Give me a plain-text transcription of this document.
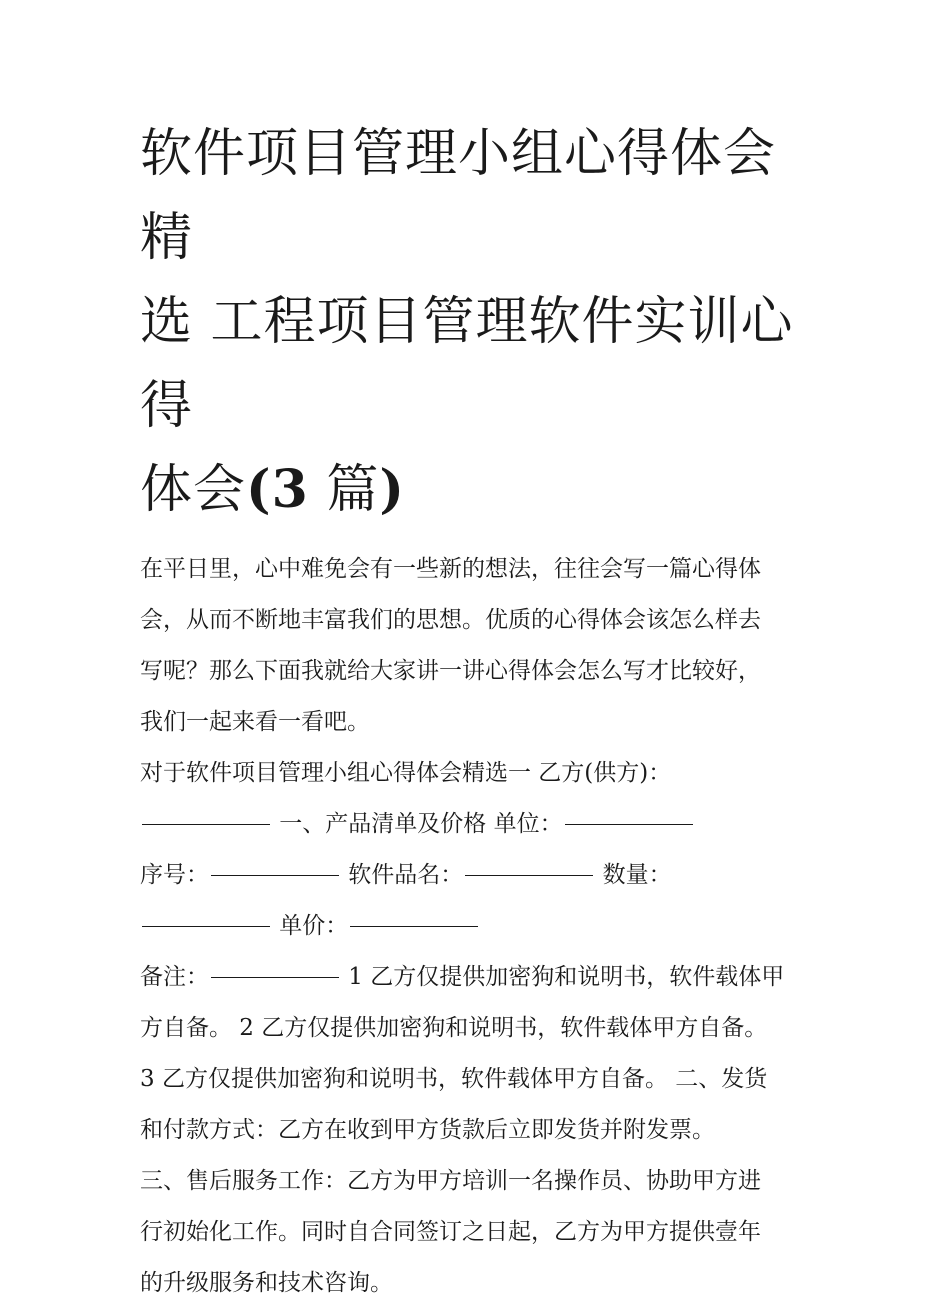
软件项目管理小组心得体会精
选 工程项目管理软件实训心得
体会(3 篇)

在平日里，心中难免会有一些新的想法，往往会写一篇心得体
会，从而不断地丰富我们的思想。优质的心得体会该怎么样去
写呢？那么下面我就给大家讲一讲心得体会怎么写才比较好，
我们一起来看一看吧。

对于软件项目管理小组心得体会精选一 乙方(供方)：

一、产品清单及价格 单位：
序号：	软件品名：	数量：
单价：

备注：	1 乙方仅提供加密狗和说明书，软件载体甲
方自备。 2 乙方仅提供加密狗和说明书，软件载体甲方自备。
3 乙方仅提供加密狗和说明书，软件载体甲方自备。 二、发货
和付款方式：乙方在收到甲方货款后立即发货并附发票。

三、售后服务工作：乙方为甲方培训一名操作员、协助甲方进
行初始化工作。同时自合同签订之日起，乙方为甲方提供壹年
的升级服务和技术咨询。
